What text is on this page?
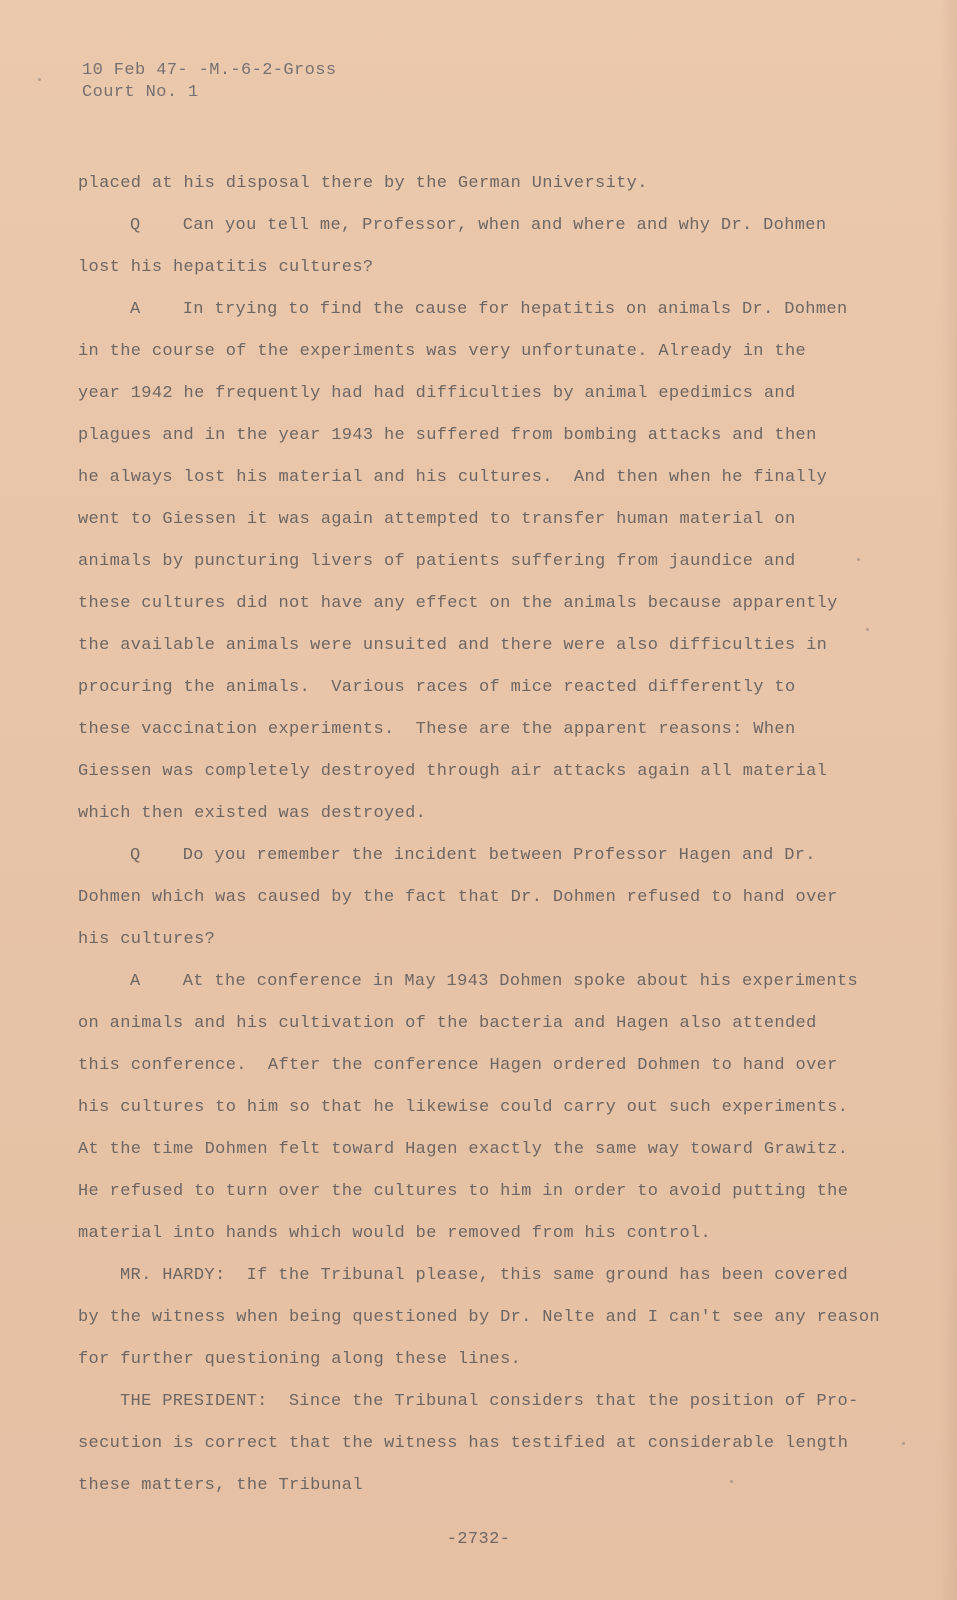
10 Feb 47- -M.-6-2-Gross
Court No. 1
placed at his disposal there by the German University.
Q    Can you tell me, Professor, when and where and why Dr. Dohmen
lost his hepatitis cultures?
A    In trying to find the cause for hepatitis on animals Dr. Dohmen
in the course of the experiments was very unfortunate. Already in the
year 1942 he frequently had had difficulties by animal epedimics and
plagues and in the year 1943 he suffered from bombing attacks and then
he always lost his material and his cultures.  And then when he finally
went to Giessen it was again attempted to transfer human material on
animals by puncturing livers of patients suffering from jaundice and
these cultures did not have any effect on the animals because apparently
the available animals were unsuited and there were also difficulties in
procuring the animals.  Various races of mice reacted differently to
these vaccination experiments.  These are the apparent reasons: When
Giessen was completely destroyed through air attacks again all material
which then existed was destroyed.
Q    Do you remember the incident between Professor Hagen and Dr.
Dohmen which was caused by the fact that Dr. Dohmen refused to hand over
his cultures?
A    At the conference in May 1943 Dohmen spoke about his experiments
on animals and his cultivation of the bacteria and Hagen also attended
this conference.  After the conference Hagen ordered Dohmen to hand over
his cultures to him so that he likewise could carry out such experiments.
At the time Dohmen felt toward Hagen exactly the same way toward Grawitz.
He refused to turn over the cultures to him in order to avoid putting the
material into hands which would be removed from his control.
MR. HARDY:  If the Tribunal please, this same ground has been covered
by the witness when being questioned by Dr. Nelte and I can't see any reason
for further questioning along these lines.
THE PRESIDENT:  Since the Tribunal considers that the position of Pro-
secution is correct that the witness has testified at considerable length
these matters, the Tribunal
-2732-
